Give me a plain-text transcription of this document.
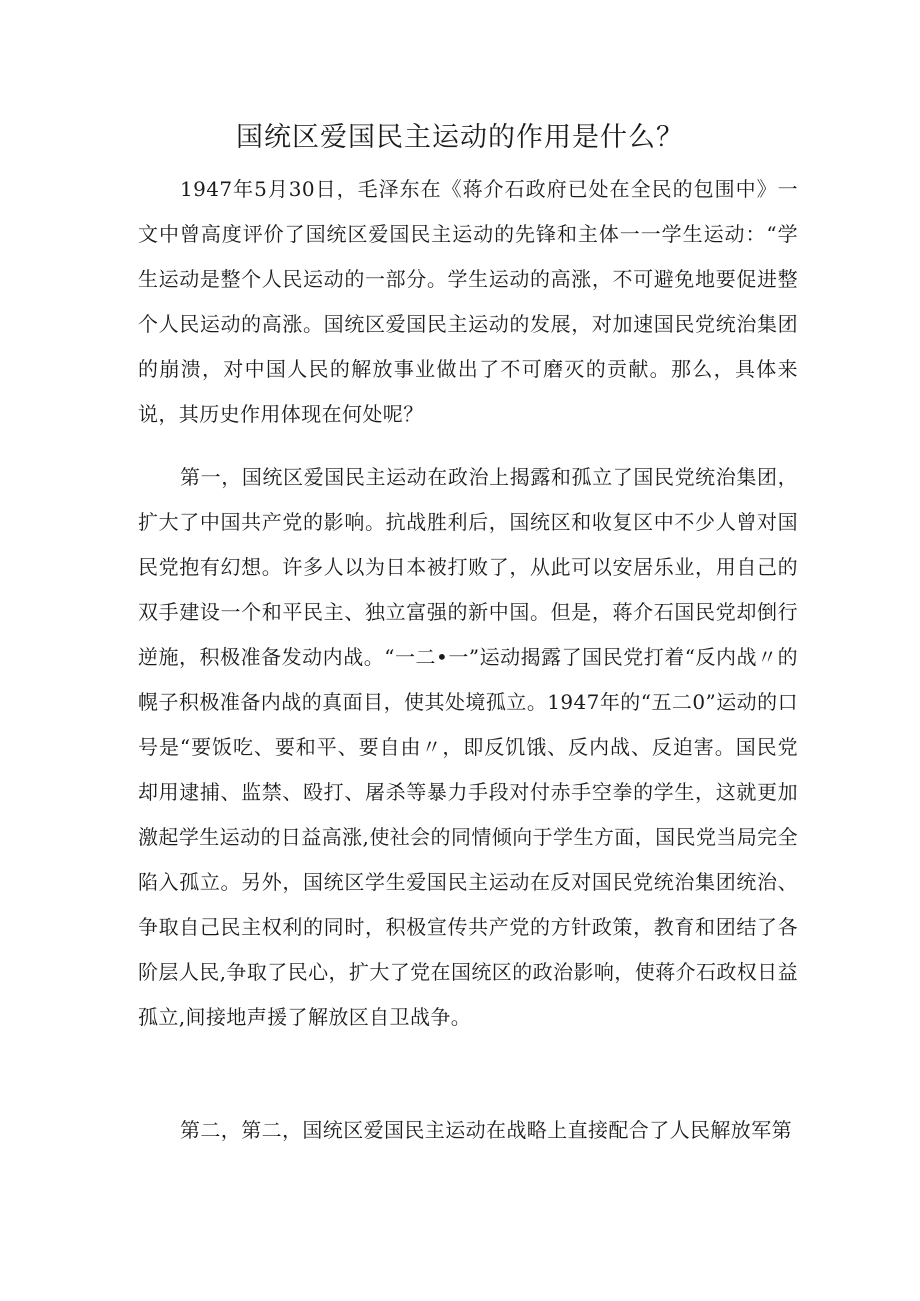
国统区爱国民主运动的作用是什么？

1947年5月30日，毛泽东在《蒋介石政府已处在全民的包围中》一文中曾高度评价了国统区爱国民主运动的先锋和主体一一学生运动：“学生运动是整个人民运动的一部分。学生运动的高涨，不可避免地要促进整个人民运动的高涨。国统区爱国民主运动的发展，对加速国民党统治集团的崩溃，对中国人民的解放事业做出了不可磨灭的贡献。那么，具体来说，其历史作用体现在何处呢？

第一，国统区爱国民主运动在政治上揭露和孤立了国民党统治集团，扩大了中国共产党的影响。抗战胜利后，国统区和收复区中不少人曾对国民党抱有幻想。许多人以为日本被打败了，从此可以安居乐业，用自己的双手建设一个和平民主、独立富强的新中国。但是，蒋介石国民党却倒行逆施，积极准备发动内战。“一二•一”运动揭露了国民党打着“反内战〃的幌子积极准备内战的真面目，使其处境孤立。1947年的“五二0”运动的口号是“要饭吃、要和平、要自由〃，即反饥饿、反内战、反迫害。国民党却用逮捕、监禁、殴打、屠杀等暴力手段对付赤手空拳的学生，这就更加激起学生运动的日益高涨,使社会的同情倾向于学生方面，国民党当局完全陷入孤立。另外，国统区学生爱国民主运动在反对国民党统治集团统治、争取自己民主权利的同时，积极宣传共产党的方针政策，教育和团结了各阶层人民,争取了民心，扩大了党在国统区的政治影响，使蒋介石政权日益孤立,间接地声援了解放区自卫战争。

第二，第二，国统区爱国民主运动在战略上直接配合了人民解放军第
